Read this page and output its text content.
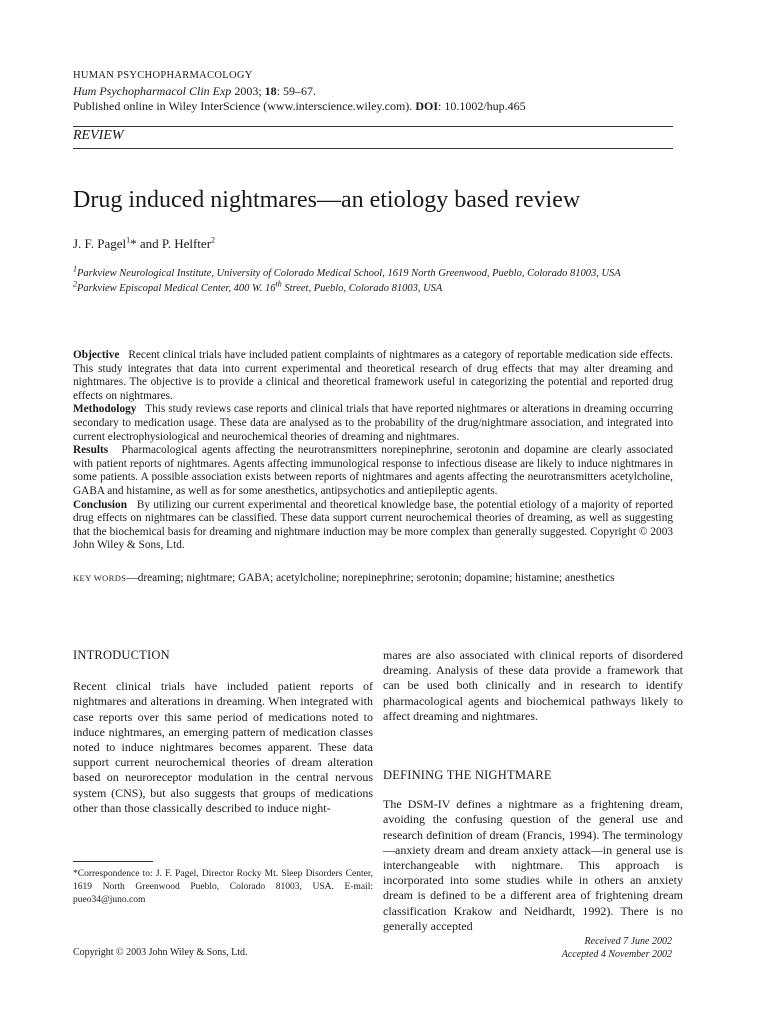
HUMAN PSYCHOPHARMACOLOGY
Hum Psychopharmacol Clin Exp 2003; 18: 59–67.
Published online in Wiley InterScience (www.interscience.wiley.com). DOI: 10.1002/hup.465
REVIEW
Drug induced nightmares—an etiology based review
J. F. Pagel$^1$* and P. Helfter$^2$
$^1$Parkview Neurological Institute, University of Colorado Medical School, 1619 North Greenwood, Pueblo, Colorado 81003, USA
$^2$Parkview Episcopal Medical Center, 400 W. 16th Street, Pueblo, Colorado 81003, USA

Objective Recent clinical trials have included patient complaints of nightmares as a category of reportable medication side effects. This study integrates that data into current experimental and theoretical research of drug effects that may alter dreaming and nightmares. The objective is to provide a clinical and theoretical framework useful in categorizing the potential and reported drug effects on nightmares.

Methodology This study reviews case reports and clinical trials that have reported nightmares or alterations in dreaming occurring secondary to medication usage. These data are analysed as to the probability of the drug/nightmare association, and integrated into current electrophysiological and neurochemical theories of dreaming and nightmares.

Results Pharmacological agents affecting the neurotransmitters norepinephrine, serotonin and dopamine are clearly associated with patient reports of nightmares. Agents affecting immunological response to infectious disease are likely to induce nightmares in some patients. A possible association exists between reports of nightmares and agents affecting the neurotransmitters acetylcholine, GABA and histamine, as well as for some anesthetics, antipsychotics and antiepileptic agents.

Conclusion By utilizing our current experimental and theoretical knowledge base, the potential etiology of a majority of reported drug effects on nightmares can be classified. These data support current neurochemical theories of dreaming, as well as suggesting that the biochemical basis for dreaming and nightmare induction may be more complex than generally suggested. Copyright © 2003 John Wiley & Sons, Ltd.

KEY WORDS—dreaming; nightmare; GABA; acetylcholine; norepinephrine; serotonin; dopamine; histamine; anesthetics

INTRODUCTION

Recent clinical trials have included patient reports of nightmares and alterations in dreaming. When integrated with case reports over this same period of medications noted to induce nightmares, an emerging pattern of medication classes noted to induce nightmares becomes apparent. These data support current neurochemical theories of dream alteration based on neuroreceptor modulation in the central nervous system (CNS), but also suggests that groups of medications other than those classically described to induce night-

mares are also associated with clinical reports of disordered dreaming. Analysis of these data provide a framework that can be used both clinically and in research to identify pharmacological agents and biochemical pathways likely to affect dreaming and nightmares.

DEFINING THE NIGHTMARE

The DSM-IV defines a nightmare as a frightening dream, avoiding the confusing question of the general use and research definition of dream (Francis, 1994). The terminology—anxiety dream and dream anxiety attack—in general use is interchangeable with nightmare. This approach is incorporated into some studies while in others an anxiety dream is defined to be a different area of frightening dream classification Krakow and Neidhardt, 1992). There is no generally accepted

*Correspondence to: J. F. Pagel, Director Rocky Mt. Sleep Disorders Center, 1619 North Greenwood Pueblo, Colorado 81003, USA. E-mail: pueo34@juno.com
Copyright © 2003 John Wiley & Sons, Ltd.
Received 7 June 2002
Accepted 4 November 2002
